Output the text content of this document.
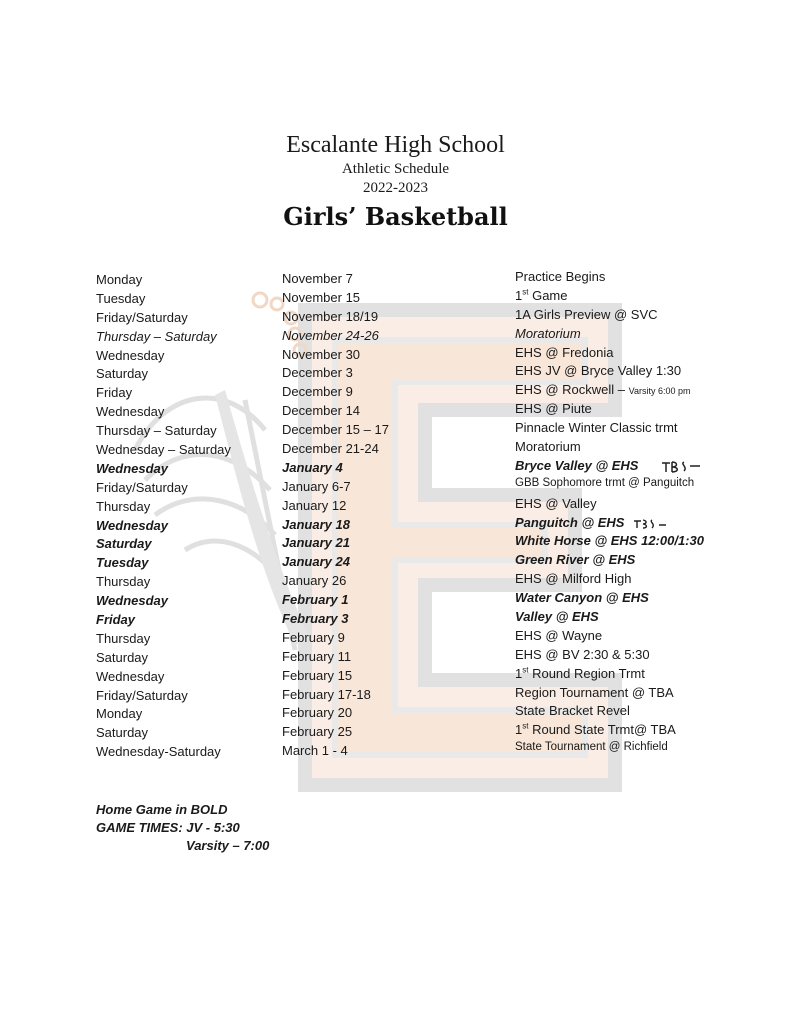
Escalante High School
Athletic Schedule
2022-2023
Girls’ Basketball
Monday	November 7	Practice Begins
Tuesday	November 15	1st Game
Friday/Saturday	November 18/19	1A Girls Preview @ SVC
Thursday – Saturday	November 24-26	Moratorium
Wednesday	November 30	EHS @ Fredonia
Saturday	December 3	EHS JV @ Bryce Valley 1:30
Friday	December 9	EHS @ Rockwell – Varsity 6:00 pm
Wednesday	December 14	EHS @ Piute
Thursday – Saturday	December 15 – 17	Pinnacle Winter Classic trmt
Wednesday – Saturday	December 21-24	Moratorium
Wednesday	January 4	Bryce Valley @ EHS
Friday/Saturday	January 6-7	GBB Sophomore trmt @ Panguitch
Thursday	January 12	EHS @ Valley
Wednesday	January 18	Panguitch @ EHS
Saturday	January 21	White Horse @ EHS 12:00/1:30
Tuesday	January 24	Green River @ EHS
Thursday	January 26	EHS @ Milford High
Wednesday	February 1	Water Canyon @ EHS
Friday	February 3	Valley @ EHS
Thursday	February 9	EHS @ Wayne
Saturday	February 11	EHS @ BV 2:30 & 5:30
Wednesday	February 15	1st Round Region Trmt
Friday/Saturday	February 17-18	Region Tournament @ TBA
Monday	February 20	State Bracket Revel
Saturday	February 25	1st Round State Trmt@ TBA
Wednesday-Saturday	March 1 - 4	State Tournament @ Richfield
Home Game in BOLD
GAME TIMES: JV - 5:30
Varsity – 7:00
